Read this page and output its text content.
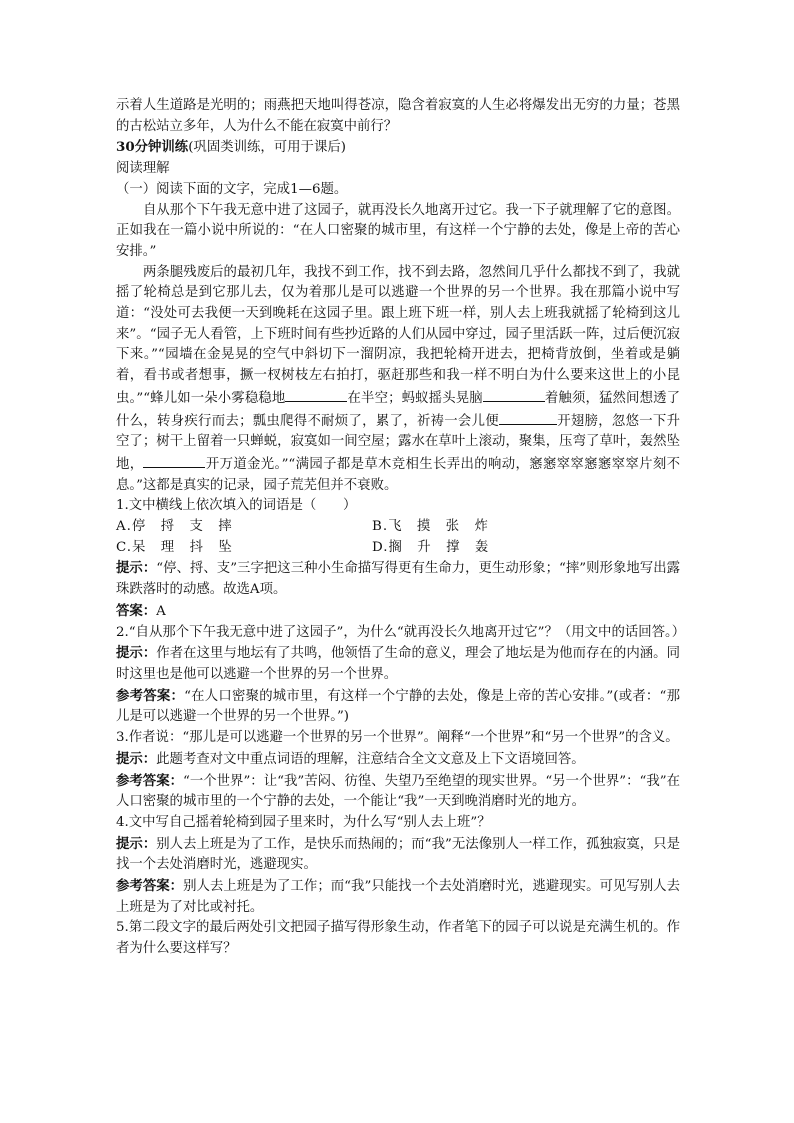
示着人生道路是光明的；雨燕把天地叫得苍凉，隐含着寂寞的人生必将爆发出无穷的力量；苍黑的古松站立多年，人为什么不能在寂寞中前行？

30分钟训练(巩固类训练，可用于课后)

阅读理解

（一）阅读下面的文字，完成1—6题。

自从那个下午我无意中进了这园子，就再没长久地离开过它。我一下子就理解了它的意图。正如我在一篇小说中所说的：“在人口密聚的城市里，有这样一个宁静的去处，像是上帝的苦心安排。”

两条腿残废后的最初几年，我找不到工作，找不到去路，忽然间几乎什么都找不到了，我就摇了轮椅总是到它那儿去，仅为着那儿是可以逃避一个世界的另一个世界。我在那篇小说中写道：“没处可去我便一天到晚耗在这园子里。跟上班下班一样，别人去上班我就摇了轮椅到这儿来”。“园子无人看管，上下班时间有些抄近路的人们从园中穿过，园子里活跃一阵，过后便沉寂下来。”“园墙在金晃晃的空气中斜切下一溜阴凉，我把轮椅开进去，把椅背放倒，坐着或是躺着，看书或者想事，撅一杈树枝左右拍打，驱赶那些和我一样不明白为什么要来这世上的小昆虫。”“蜂儿如一朵小雾稳稳地	在半空；蚂蚁摇头晃脑	着触须，猛然间想透了什么，转身疾行而去；瓢虫爬得不耐烦了，累了，祈祷一会儿便	开翅膀，忽悠一下升空了；树干上留着一只蝉蜕，寂寞如一间空屋；露水在草叶上滚动，聚集，压弯了草叶，轰然坠地，	开万道金光。”“满园子都是草木竞相生长弄出的响动，窸窸窣窣窸窸窣窣片刻不息。”这都是真实的记录，园子荒芜但并不衰败。

1.文中横线上依次填入的词语是（　　）

A.停　捋　支　摔	B.飞　摸　张　炸
C.呆　理　抖　坠	D.搁　升　撑　轰

提示：“停、捋、支”三字把这三种小生命描写得更有生命力，更生动形象；“摔”则形象地写出露珠跌落时的动感。故选A项。

答案：A

2.“自从那个下午我无意中进了这园子”，为什么“就再没长久地离开过它”？（用文中的话回答。）

提示：作者在这里与地坛有了共鸣，他领悟了生命的意义，理会了地坛是为他而存在的内涵。同时这里也是他可以逃避一个世界的另一个世界。

参考答案：“在人口密聚的城市里，有这样一个宁静的去处，像是上帝的苦心安排。”(或者：“那儿是可以逃避一个世界的另一个世界。”)

3.作者说：“那儿是可以逃避一个世界的另一个世界”。阐释“一个世界”和“另一个世界”的含义。

提示：此题考查对文中重点词语的理解，注意结合全文文意及上下文语境回答。

参考答案：“一个世界”：让“我”苦闷、彷徨、失望乃至绝望的现实世界。“另一个世界”：“我”在人口密聚的城市里的一个宁静的去处，一个能让“我”一天到晚消磨时光的地方。

4.文中写自己摇着轮椅到园子里来时，为什么写“别人去上班”？

提示：别人去上班是为了工作，是快乐而热闹的；而“我”无法像别人一样工作，孤独寂寞，只是找一个去处消磨时光，逃避现实。

参考答案：别人去上班是为了工作；而“我”只能找一个去处消磨时光，逃避现实。可见写别人去上班是为了对比或衬托。

5.第二段文字的最后两处引文把园子描写得形象生动，作者笔下的园子可以说是充满生机的。作者为什么要这样写？
